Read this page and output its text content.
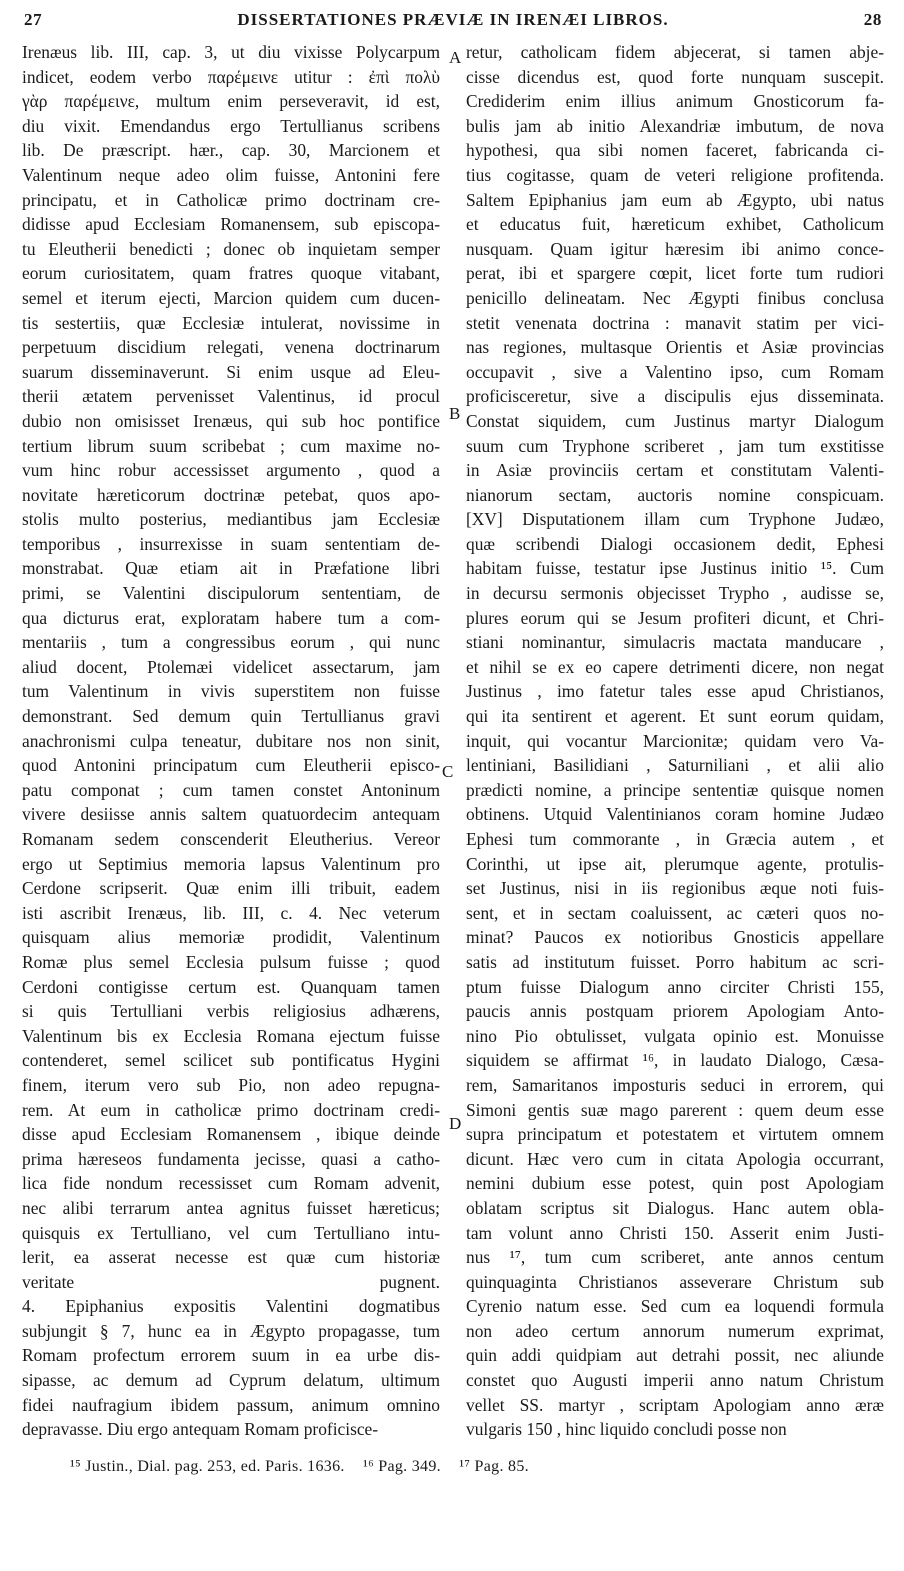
27	DISSERTATIONES PRÆVIÆ IN IRENÆI LIBROS.	28
Irenæus lib. III, cap. 3, ut diu vixisse Polycarpum
indicet, eodem verbo παρέμεινε utitur : ἐπὶ πολὺ
γὰρ παρέμεινε, multum enim perseveravit, id est,
diu vixit. Emendandus ergo Tertullianus scribens
lib. De præscript. hær., cap. 30, Marcionem et
Valentinum neque adeo olim fuisse, Antonini fere
principatu, et in Catholicæ primo doctrinam cre-
didisse apud Ecclesiam Romanensem, sub episcopa-
tu Eleutherii benedicti ; donec ob inquietam semper
eorum curiositatem, quam fratres quoque vitabant,
semel et iterum ejecti, Marcion quidem cum ducen-
tis sestertiis, quæ Ecclesiæ intulerat, novissime in
perpetuum discidium relegati, venena doctrinarum
suarum disseminaverunt. Si enim usque ad Eleu-
therii ætatem pervenisset Valentinus, id procul
dubio non omisisset Irenæus, qui sub hoc pontifice
tertium librum suum scribebat ; cum maxime no-
vum hinc robur accessisset argumento , quod a
novitate hæreticorum doctrinæ petebat, quos apo-
stolis multo posterius, mediantibus jam Ecclesiæ
temporibus , insurrexisse in suam sententiam de-
monstrabat. Quæ etiam ait in Præfatione libri
primi, se Valentini discipulorum sententiam, de
qua dicturus erat, exploratam habere tum a com-
mentariis , tum a congressibus eorum , qui nunc
aliud docent, Ptolemæi videlicet assectarum, jam
tum Valentinum in vivis superstitem non fuisse
demonstrant. Sed demum quin Tertullianus gravi
anachronismi culpa teneatur, dubitare nos non sinit,
quod Antonini principatum cum Eleutherii episco-
patu componat ; cum tamen constet Antoninum
vivere desiisse annis saltem quatuordecim antequam
Romanam sedem conscenderit Eleutherius. Vereor
ergo ut Septimius memoria lapsus Valentinum pro
Cerdone scripserit. Quæ enim illi tribuit, eadem
isti ascribit Irenæus, lib. III, c. 4. Nec veterum
quisquam alius memoriæ prodidit, Valentinum
Romæ plus semel Ecclesia pulsum fuisse ; quod
Cerdoni contigisse certum est. Quanquam tamen
si quis Tertulliani verbis religiosius adhærens,
Valentinum bis ex Ecclesia Romana ejectum fuisse
contenderet, semel scilicet sub pontificatus Hygini
finem, iterum vero sub Pio, non adeo repugna-
rem. At eum in catholicæ primo doctrinam credi-
disse apud Ecclesiam Romanensem , ibique deinde
prima hæreseos fundamenta jecisse, quasi a catho-
lica fide nondum recessisset cum Romam advenit,
nec alibi terrarum antea agnitus fuisset hæreticus;
quisquis ex Tertulliano, vel cum Tertulliano intu-
lerit, ea asserat necesse est quæ cum historiæ
veritate pugnent.
4. Epiphanius expositis Valentini dogmatibus
subjungit § 7, hunc ea in Ægypto propagasse, tum
Romam profectum errorem suum in ea urbe dis-
sipasse, ac demum ad Cyprum delatum, ultimum
fidei naufragium ibidem passum, animum omnino
depravasse. Diu ergo antequam Romam proficisce-
retur, catholicam fidem abjecerat, si tamen abje-
cisse dicendus est, quod forte nunquam suscepit.
Crediderim enim illius animum Gnosticorum fa-
bulis jam ab initio Alexandriæ imbutum, de nova
hypothesi, qua sibi nomen faceret, fabricanda ci-
tius cogitasse, quam de veteri religione profitenda.
Saltem Epiphanius jam eum ab Ægypto, ubi natus
et educatus fuit, hæreticum exhibet, Catholicum
nusquam. Quam igitur hæresim ibi animo conce-
perat, ibi et spargere cœpit, licet forte tum rudiori
penicillo delineatam. Nec Ægypti finibus conclusa
stetit venenata doctrina : manavit statim per vici-
nas regiones, multasque Orientis et Asiæ provincias
occupavit , sive a Valentino ipso, cum Romam
proficisceretur, sive a discipulis ejus disseminata.
Constat siquidem, cum Justinus martyr Dialogum
suum cum Tryphone scriberet , jam tum exstitisse
in Asiæ provinciis certam et constitutam Valenti-
nianorum sectam, auctoris nomine conspicuam.
[XV] Disputationem illam cum Tryphone Judæo,
quæ scribendi Dialogi occasionem dedit, Ephesi
habitam fuisse, testatur ipse Justinus initio ¹⁵. Cum
in decursu sermonis objecisset Trypho , audisse se,
plures eorum qui se Jesum profiteri dicunt, et Chri-
stiani nominantur, simulacris mactata manducare ,
et nihil se ex eo capere detrimenti dicere, non negat
Justinus , imo fatetur tales esse apud Christianos,
qui ita sentirent et agerent. Et sunt eorum quidam,
inquit, qui vocantur Marcionitæ; quidam vero Va-
lentiniani, Basilidiani , Saturniliani , et alii alio
prædicti nomine, a principe sententiæ quisque nomen
obtinens. Utquid Valentinianos coram homine Judæo
Ephesi tum commorante , in Græcia autem , et
Corinthi, ut ipse ait, plerumque agente, protulis-
set Justinus, nisi in iis regionibus æque noti fuis-
sent, et in sectam coaluissent, ac cæteri quos no-
minat? Paucos ex notioribus Gnosticis appellare
satis ad institutum fuisset. Porro habitum ac scri-
ptum fuisse Dialogum anno circiter Christi 155,
paucis annis postquam priorem Apologiam Anto-
nino Pio obtulisset, vulgata opinio est. Monuisse
siquidem se affirmat ¹⁶, in laudato Dialogo, Cæsa-
rem, Samaritanos imposturis seduci in errorem, qui
Simoni gentis suæ mago parerent : quem deum esse
supra principatum et potestatem et virtutem omnem
dicunt. Hæc vero cum in citata Apologia occurrant,
nemini dubium esse potest, quin post Apologiam
oblatam scriptus sit Dialogus. Hanc autem obla-
tam volunt anno Christi 150. Asserit enim Justi-
nus ¹⁷, tum cum scriberet, ante annos centum
quinquaginta Christianos asseverare Christum sub
Cyrenio natum esse. Sed cum ea loquendi formula
non adeo certum annorum numerum exprimat,
quin addi quidpiam aut detrahi possit, nec aliunde
constet quo Augusti imperii anno natum Christum
vellet SS. martyr , scriptam Apologiam anno æræ
vulgaris 150 , hinc liquido concludi posse non
A
B
C
D
¹⁵ Justin., Dial. pag. 253, ed. Paris. 1636. ¹⁶ Pag. 349. ¹⁷ Pag. 85.
